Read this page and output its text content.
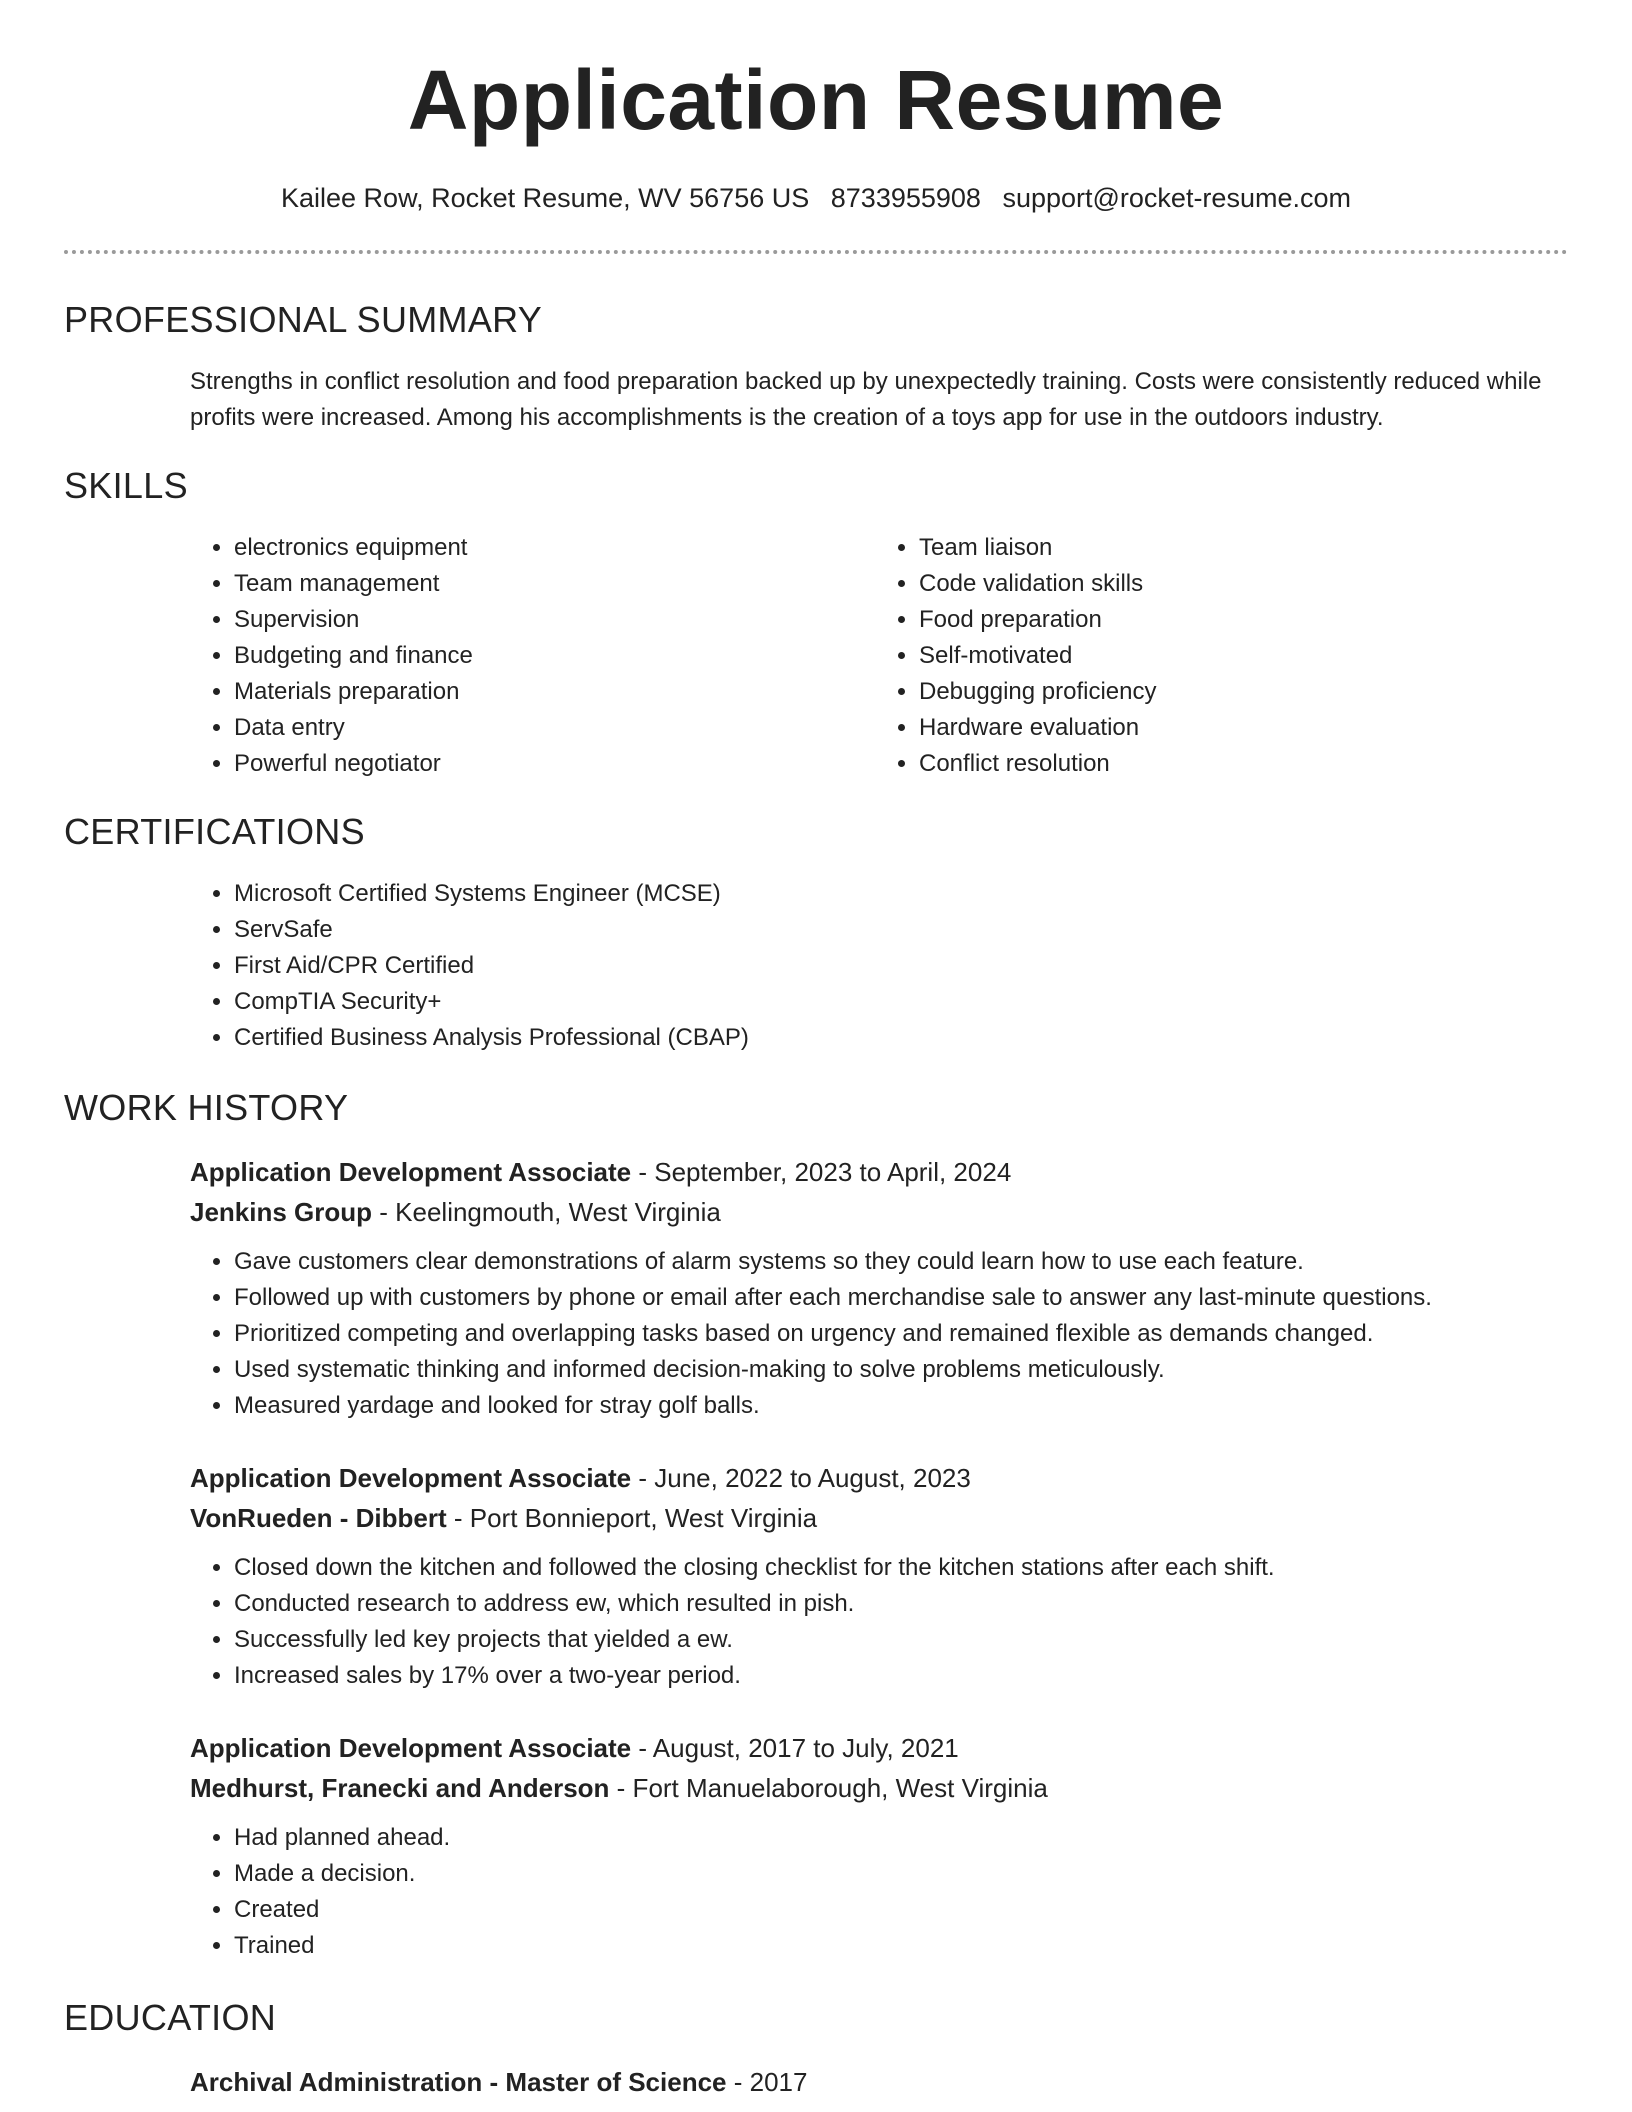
Application Resume
Kailee Row, Rocket Resume, WV 56756 US 8733955908 support@rocket-resume.com
PROFESSIONAL SUMMARY
Strengths in conflict resolution and food preparation backed up by unexpectedly training. Costs were consistently reduced while profits were increased. Among his accomplishments is the creation of a toys app for use in the outdoors industry.
SKILLS
• electronics equipment
• Team management
• Supervision
• Budgeting and finance
• Materials preparation
• Data entry
• Powerful negotiator
• Team liaison
• Code validation skills
• Food preparation
• Self-motivated
• Debugging proficiency
• Hardware evaluation
• Conflict resolution
CERTIFICATIONS
• Microsoft Certified Systems Engineer (MCSE)
• ServSafe
• First Aid/CPR Certified
• CompTIA Security+
• Certified Business Analysis Professional (CBAP)
WORK HISTORY
Application Development Associate - September, 2023 to April, 2024
Jenkins Group - Keelingmouth, West Virginia
• Gave customers clear demonstrations of alarm systems so they could learn how to use each feature.
• Followed up with customers by phone or email after each merchandise sale to answer any last-minute questions.
• Prioritized competing and overlapping tasks based on urgency and remained flexible as demands changed.
• Used systematic thinking and informed decision-making to solve problems meticulously.
• Measured yardage and looked for stray golf balls.
Application Development Associate - June, 2022 to August, 2023
VonRueden - Dibbert - Port Bonnieport, West Virginia
• Closed down the kitchen and followed the closing checklist for the kitchen stations after each shift.
• Conducted research to address ew, which resulted in pish.
• Successfully led key projects that yielded a ew.
• Increased sales by 17% over a two-year period.
Application Development Associate - August, 2017 to July, 2021
Medhurst, Franecki and Anderson - Fort Manuelaborough, West Virginia
• Had planned ahead.
• Made a decision.
• Created
• Trained
EDUCATION
Archival Administration - Master of Science - 2017
